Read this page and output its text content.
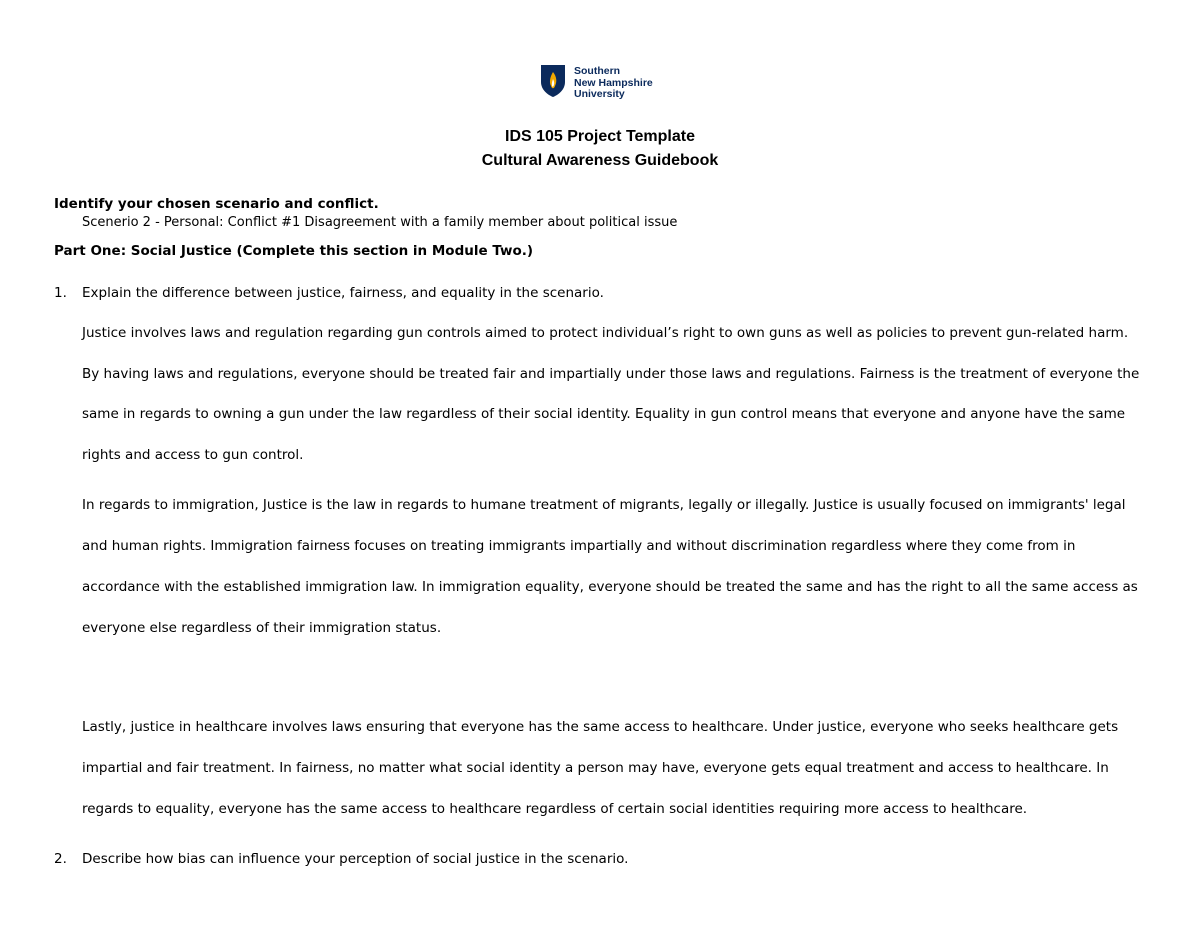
Southern
New Hampshire
University
IDS 105 Project Template
Cultural Awareness Guidebook
Identify your chosen scenario and conflict.
Scenerio 2 - Personal: Conflict #1 Disagreement with a family member about political issue
Part One: Social Justice (Complete this section in Module Two.)
1. Explain the difference between justice, fairness, and equality in the scenario.
Justice involves laws and regulation regarding gun controls aimed to protect individual’s right to own guns as well as policies to prevent gun-related harm.
By having laws and regulations, everyone should be treated fair and impartially under those laws and regulations. Fairness is the treatment of everyone the
same in regards to owning a gun under the law regardless of their social identity. Equality in gun control means that everyone and anyone have the same
rights and access to gun control.
In regards to immigration, Justice is the law in regards to humane treatment of migrants, legally or illegally. Justice is usually focused on immigrants' legal
and human rights. Immigration fairness focuses on treating immigrants impartially and without discrimination regardless where they come from in
accordance with the established immigration law. In immigration equality, everyone should be treated the same and has the right to all the same access as
everyone else regardless of their immigration status.
Lastly, justice in healthcare involves laws ensuring that everyone has the same access to healthcare. Under justice, everyone who seeks healthcare gets
impartial and fair treatment. In fairness, no matter what social identity a person may have, everyone gets equal treatment and access to healthcare. In
regards to equality, everyone has the same access to healthcare regardless of certain social identities requiring more access to healthcare.
2. Describe how bias can influence your perception of social justice in the scenario.
